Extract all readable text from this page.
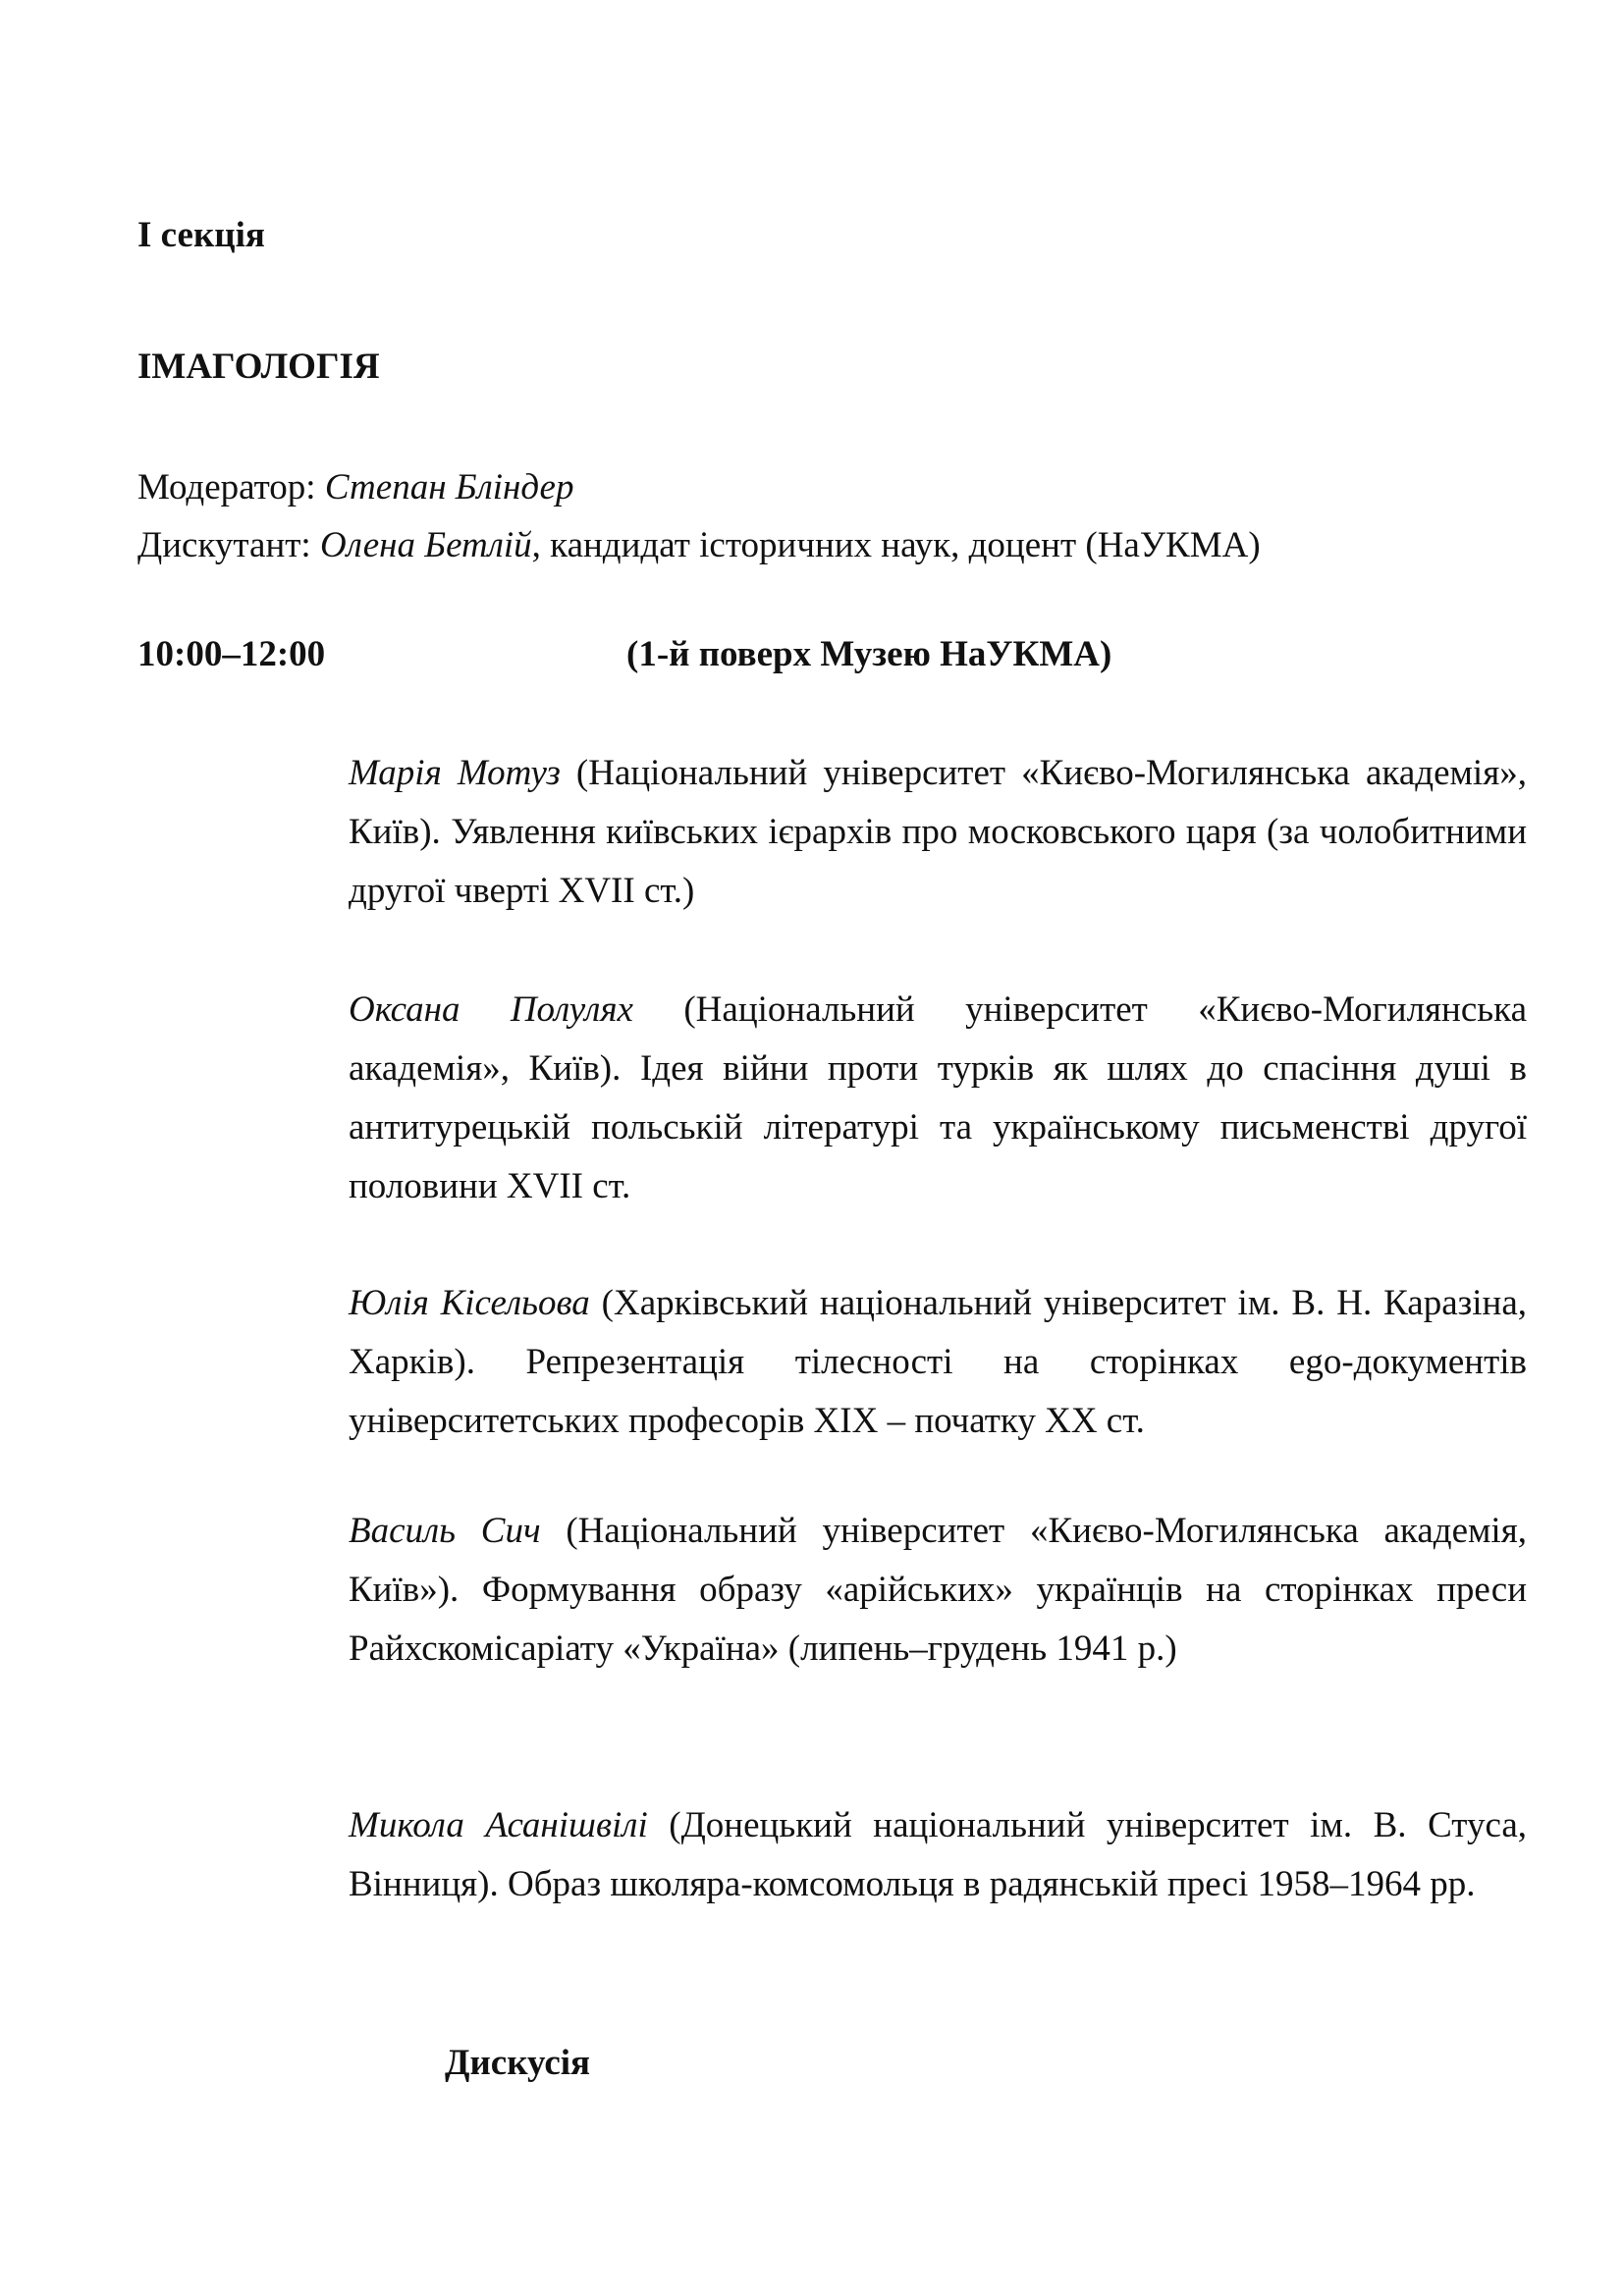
І секція

ІМАГОЛОГІЯ

Модератор: Степан Бліндер

Дискутант: Олена Бетлій, кандидат історичних наук, доцент (НаУКМА)

10:00–12:00	(1-й поверх Музею НаУКМА)

Марія Мотуз (Національний університет «Києво-Могилянська академія», Київ). Уявлення київських ієрархів про московського царя (за чолобитними другої чверті XVII ст.)

Оксана Полулях (Національний університет «Києво-Могилянська академія», Київ). Ідея війни проти турків як шлях до спасіння душі в антитурецькій польській літературі та українському письменстві другої половини XVII ст.

Юлія Кісельова (Харківський національний університет ім. В. Н. Каразіна, Харків). Репрезентація тілесності на сторінках ego-документів університетських професорів XIX – початку XX ст.

Василь Сич (Національний університет «Києво-Могилянська академія, Київ»). Формування образу «арійських» українців на сторінках преси Райхскомісаріату «Україна» (липень–грудень 1941 р.)

Микола Асанішвілі (Донецький національний університет ім. В. Стуса, Вінниця). Образ школяра-комсомольця в радянській пресі 1958–1964 рр.

Дискусія
